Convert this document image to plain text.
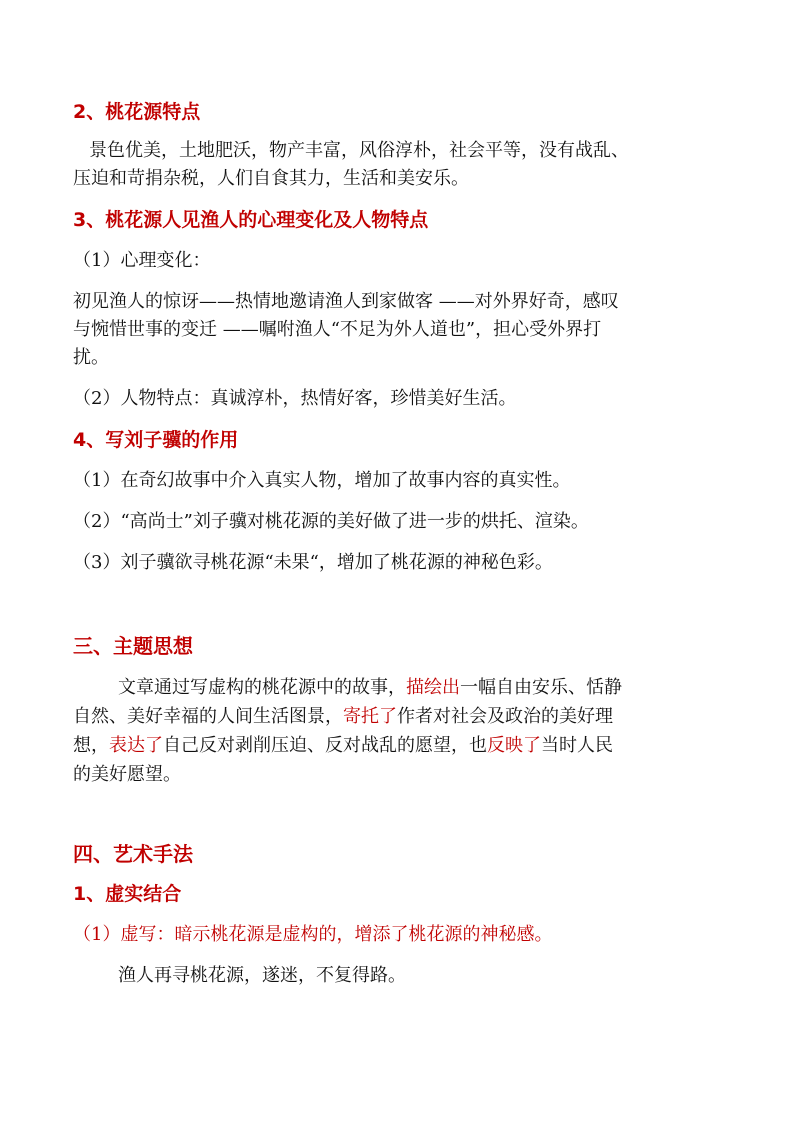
2、桃花源特点
景色优美，土地肥沃，物产丰富，风俗淳朴，社会平等，没有战乱、
压迫和苛捐杂税，人们自食其力，生活和美安乐。
3、桃花源人见渔人的心理变化及人物特点
（1）心理变化：
初见渔人的惊讶——热情地邀请渔人到家做客 ——对外界好奇，感叹
与惋惜世事的变迁 ——嘱咐渔人“不足为外人道也”，担心受外界打
扰。
（2）人物特点：真诚淳朴，热情好客，珍惜美好生活。
4、写刘子骥的作用
（1）在奇幻故事中介入真实人物，增加了故事内容的真实性。
（2）“高尚士”刘子骥对桃花源的美好做了进一步的烘托、渲染。
（3）刘子骥欲寻桃花源“未果“，增加了桃花源的神秘色彩。
三、主题思想
文章通过写虚构的桃花源中的故事，描绘出一幅自由安乐、恬静
自然、美好幸福的人间生活图景，寄托了作者对社会及政治的美好理
想，表达了自己反对剥削压迫、反对战乱的愿望，也反映了当时人民
的美好愿望。
四、艺术手法
1、虚实结合
（1）虚写：暗示桃花源是虚构的，增添了桃花源的神秘感。
渔人再寻桃花源，遂迷，不复得路。
